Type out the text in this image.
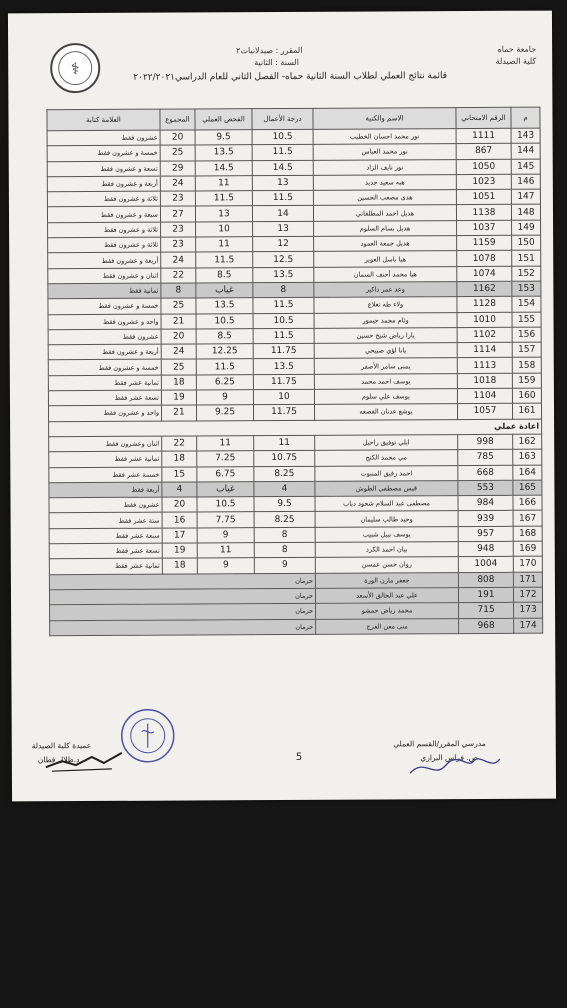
⚕
جامعة حماه
كلية الصيدلة
المقرر : صيدلانيات٢
السنة : الثانية
قائمة نتائج العملي لطلاب السنة الثانية حماه- الفصل الثاني للعام الدراسي٢٠٢٢/٢٠٢١
م	الرقم الامتحاني	الاسم والكنية	درجة الأعمال	الفحص العملي	المجموع	العلامة كتابة
143	1111	نور محمد احسان الخطيب	10.5	9.5	20	عشرون فقط
144	867	نور محمد العباس	11.5	13.5	25	خمسة و عشرون فقط
145	1050	نور نايف الزاد	14.5	14.5	29	تسعة و عشرون فقط
146	1023	هبه سعيد جديد	13	11	24	أربعة و عشرون فقط
147	1051	هدى مصعب الحسين	11.5	11.5	23	ثلاثة و عشرون فقط
148	1138	هديل احمد المطلقاني	14	13	27	سبعة و عشرون فقط
149	1037	هديل بسام السلوم	13	10	23	ثلاثة و عشرون فقط
150	1159	هديل جمعة العمود	12	11	23	ثلاثة و عشرون فقط
151	1078	هيا باسل العوير	12.5	11.5	24	أربعة و عشرون فقط
152	1074	هيا محمد أحنف السمان	13.5	8.5	22	اثنان و عشرون فقط
153	1162	وعد عمر داكير	8	غياب	8	ثمانية فقط
154	1128	ولاء طه تغلاع	11.5	13.5	25	خمسة و عشرون فقط
155	1010	وئام محمد جيمور	10.5	10.5	21	واحد و عشرون فقط
156	1102	يارا رياض شيخ حسين	11.5	8.5	20	عشرون فقط
157	1114	يانا لؤي صبيحي	11.75	12.25	24	أربعة و عشرون فقط
158	1113	يمنى سامر الأصفر	13.5	11.5	25	خمسة و عشرون فقط
159	1018	يوسف احمد محمد	11.75	6.25	18	ثمانية عشر فقط
160	1104	يوسف علي سلوم	10	9	19	تسعة عشر فقط
161	1057	يوشع عدنان القصعه	11.75	9.25	21	واحد و عشرون فقط
اعادة عملي						
162	998	ايلي توفيق راحيل	11	11	22	اثنان وعشرون فقط
163	785	مي محمد الكنج	10.75	7.25	18	ثمانية عشر فقط
164	668	احمد رفيق المنبوت	8.25	6.75	15	خمسة عشر فقط
165	553	قيس مصطفى الطوش	4	غياب	4	أربعة فقط
166	984	مصطفى عبد السلام شحود دياب	9.5	10.5	20	عشرون فقط
167	939	وحيد طالب سليمان	8.25	7.75	16	ستة عشر فقط
168	957	يوسف نبيل شبيب	8	9	17	سبعة عشر فقط
169	948	بيان احمد الكرد	8	11	19	تسعة عشر فقط
170	1004	روان حسن عمسن	9	9	18	ثمانية عشر فقط
171	808	جعفر مازن الورة	حرمان			
172	191	علي عبد الخالق الأسعد	حرمان			
173	715	محمد رياض حمشو	حرمان			
174	968	منى معن الفرج	حرمان			
5
مدرسي المقرر/القسم العملي
ص. فراس البرازي
عميدة كلية الصيدلة
د.ظلال قطان
